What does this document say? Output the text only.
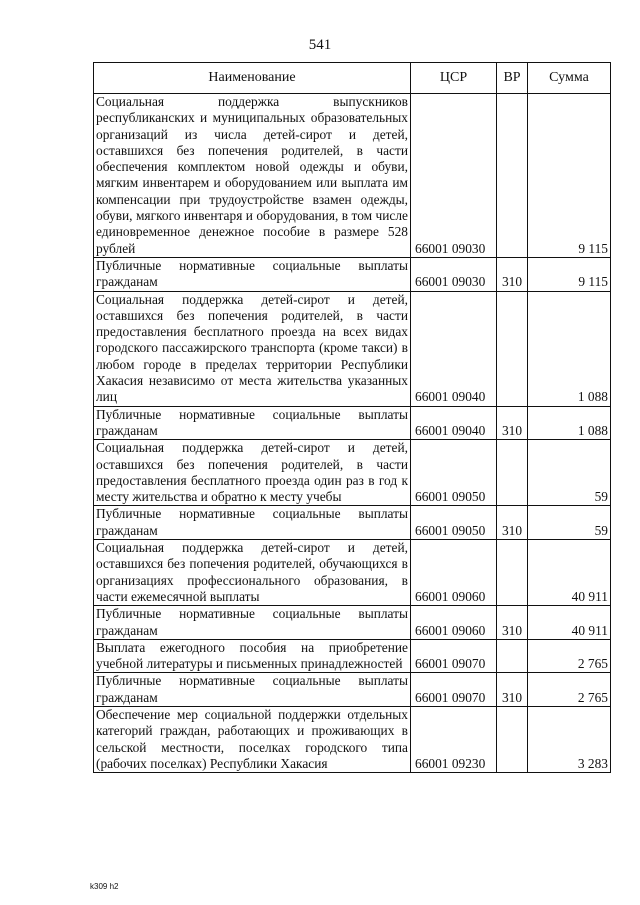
541
Наименование	ЦСР	ВР	Сумма
Социальная поддержка выпускников республиканских и муниципальных образовательных организаций из числа детей-сирот и детей, оставшихся без попечения родителей, в части обеспечения комплектом новой одежды и обуви, мягким инвентарем и оборудованием или выплата им компенсации при трудоустройстве взамен одежды, обуви, мягкого инвентаря и оборудования, в том числе единовременное денежное пособие в размере 528 рублей	66001 09030		9 115
Публичные нормативные социальные выплаты гражданам	66001 09030	310	9 115
Социальная поддержка детей-сирот и детей, оставшихся без попечения родителей, в части предоставления бесплатного проезда на всех видах городского пассажирского транспорта (кроме такси) в любом городе в пределах территории Республики Хакасия независимо от места жительства указанных лиц	66001 09040		1 088
Публичные нормативные социальные выплаты гражданам	66001 09040	310	1 088
Социальная поддержка детей-сирот и детей, оставшихся без попечения родителей, в части предоставления бесплатного проезда один раз в год к месту жительства и обратно к месту учебы	66001 09050		59
Публичные нормативные социальные выплаты гражданам	66001 09050	310	59
Социальная поддержка детей-сирот и детей, оставшихся без попечения родителей, обучающихся в организациях профессионального образования, в части ежемесячной выплаты	66001 09060		40 911
Публичные нормативные социальные выплаты гражданам	66001 09060	310	40 911
Выплата ежегодного пособия на приобретение учебной литературы и письменных принадлежностей	66001 09070		2 765
Публичные нормативные социальные выплаты гражданам	66001 09070	310	2 765
Обеспечение мер социальной поддержки отдельных категорий граждан, работающих и проживающих в сельской местности, поселках городского типа (рабочих поселках) Республики Хакасия	66001 09230		3 283
k309 h2
